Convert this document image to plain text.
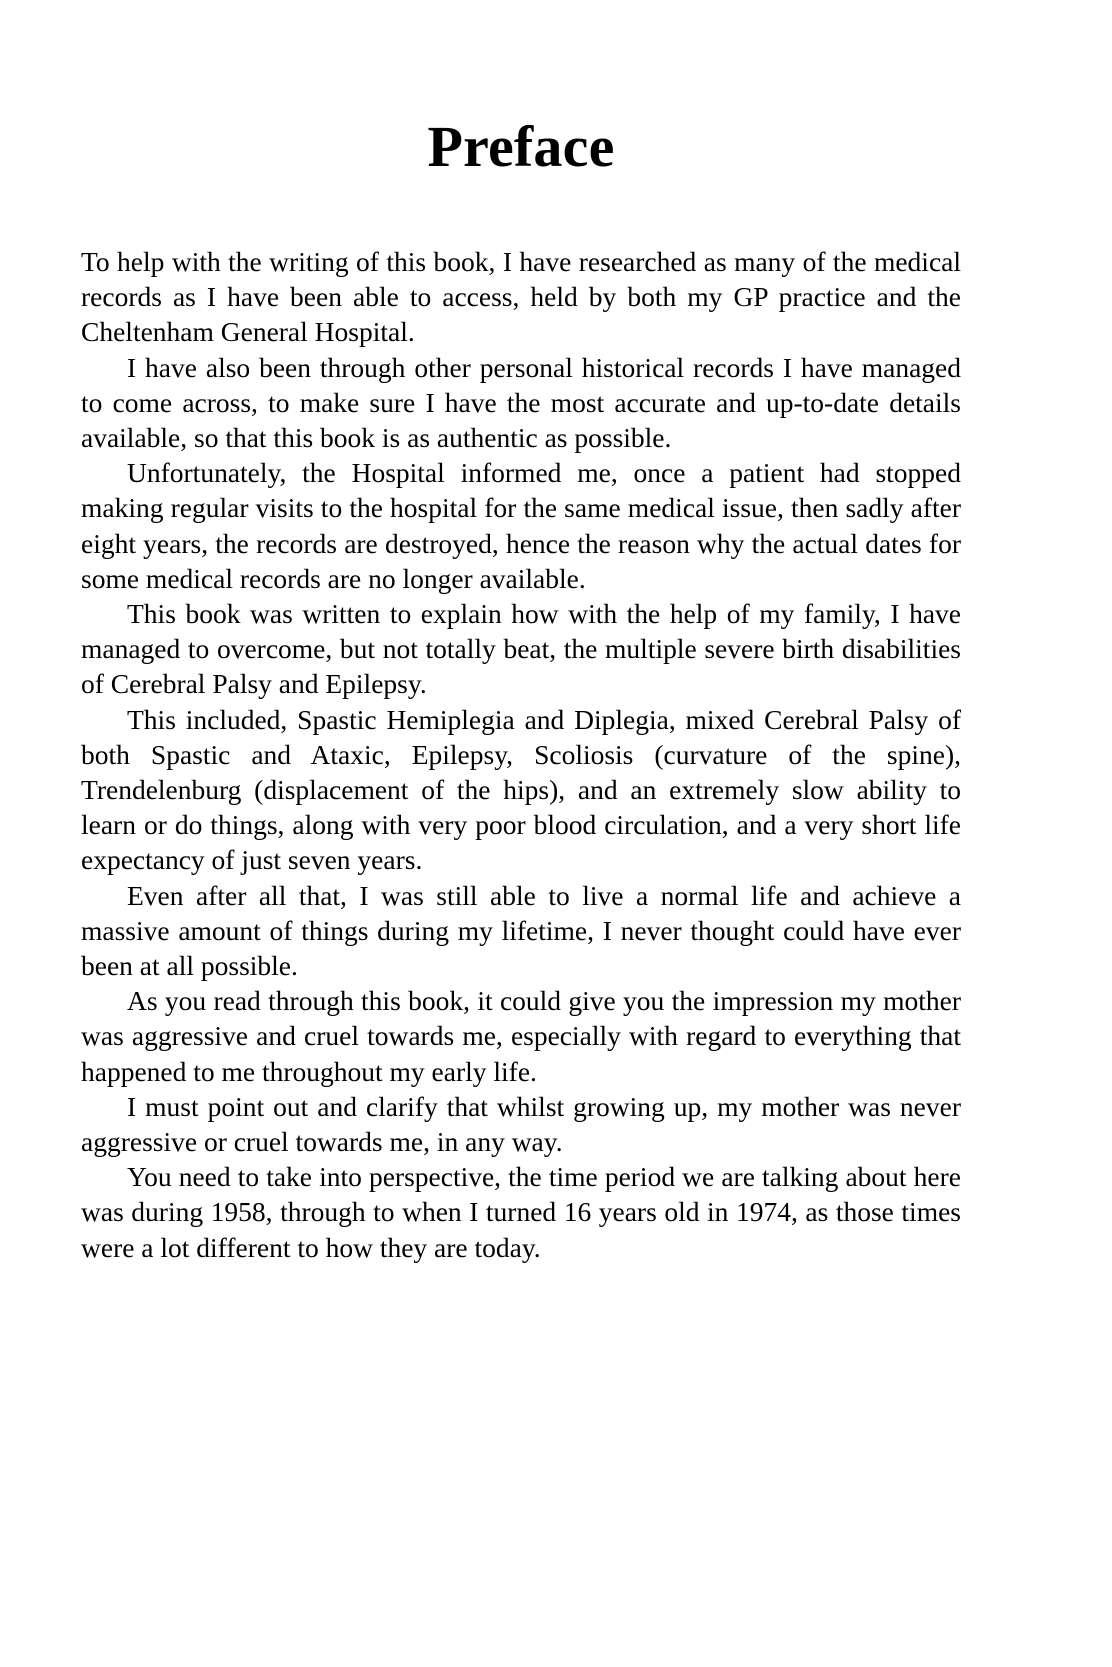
Preface

To help with the writing of this book, I have researched as many of the medical records as I have been able to access, held by both my GP practice and the Cheltenham General Hospital.

I have also been through other personal historical records I have managed to come across, to make sure I have the most accurate and up-to-date details available, so that this book is as authentic as possible.

Unfortunately, the Hospital informed me, once a patient had stopped making regular visits to the hospital for the same medical issue, then sadly after eight years, the records are destroyed, hence the reason why the actual dates for some medical records are no longer available.

This book was written to explain how with the help of my family, I have managed to overcome, but not totally beat, the multiple severe birth disabilities of Cerebral Palsy and Epilepsy.

This included, Spastic Hemiplegia and Diplegia, mixed Cerebral Palsy of both Spastic and Ataxic, Epilepsy, Scoliosis (curvature of the spine), Trendelenburg (displacement of the hips), and an extremely slow ability to learn or do things, along with very poor blood circulation, and a very short life expectancy of just seven years.

Even after all that, I was still able to live a normal life and achieve a massive amount of things during my lifetime, I never thought could have ever been at all possible.

As you read through this book, it could give you the impression my mother was aggressive and cruel towards me, especially with regard to everything that happened to me throughout my early life.

I must point out and clarify that whilst growing up, my mother was never aggressive or cruel towards me, in any way.

You need to take into perspective, the time period we are talking about here was during 1958, through to when I turned 16 years old in 1974, as those times were a lot different to how they are today.
